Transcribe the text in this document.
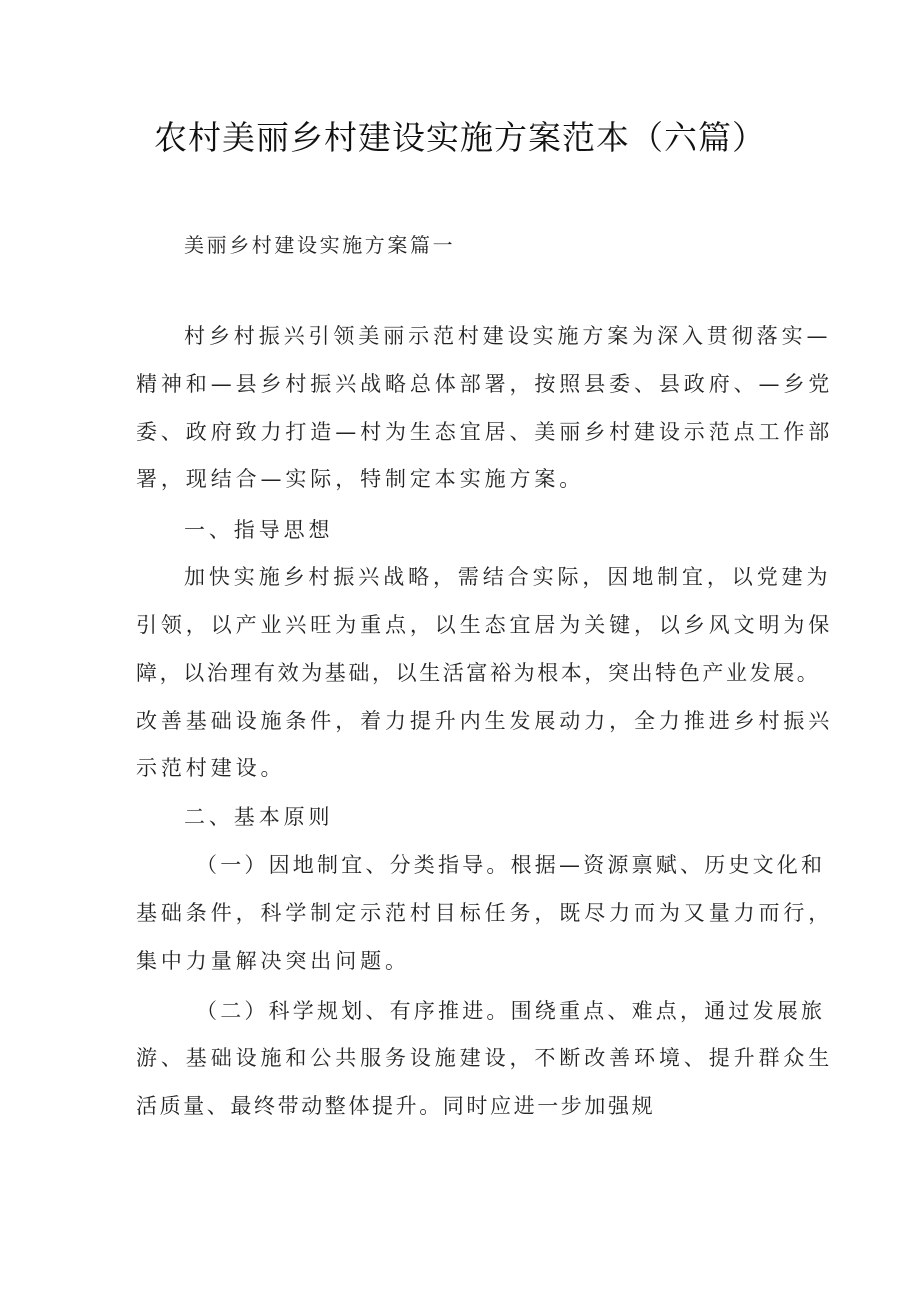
农村美丽乡村建设实施方案范本（六篇）
美丽乡村建设实施方案篇一
村乡村振兴引领美丽示范村建设实施方案为深入贯彻落实—
精神和—县乡村振兴战略总体部署，按照县委、县政府、—乡党
委、政府致力打造—村为生态宜居、美丽乡村建设示范点工作部
署，现结合—实际，特制定本实施方案。
一、指导思想
加快实施乡村振兴战略，需结合实际，因地制宜，以党建为
引领，以产业兴旺为重点，以生态宜居为关键，以乡风文明为保
障，以治理有效为基础，以生活富裕为根本，突出特色产业发展。
改善基础设施条件，着力提升内生发展动力，全力推进乡村振兴
示范村建设。
二、基本原则
（一）因地制宜、分类指导。根据—资源禀赋、历史文化和
基础条件，科学制定示范村目标任务，既尽力而为又量力而行，
集中力量解决突出问题。
（二）科学规划、有序推进。围绕重点、难点，通过发展旅
游、基础设施和公共服务设施建设，不断改善环境、提升群众生
活质量、最终带动整体提升。同时应进一步加强规
